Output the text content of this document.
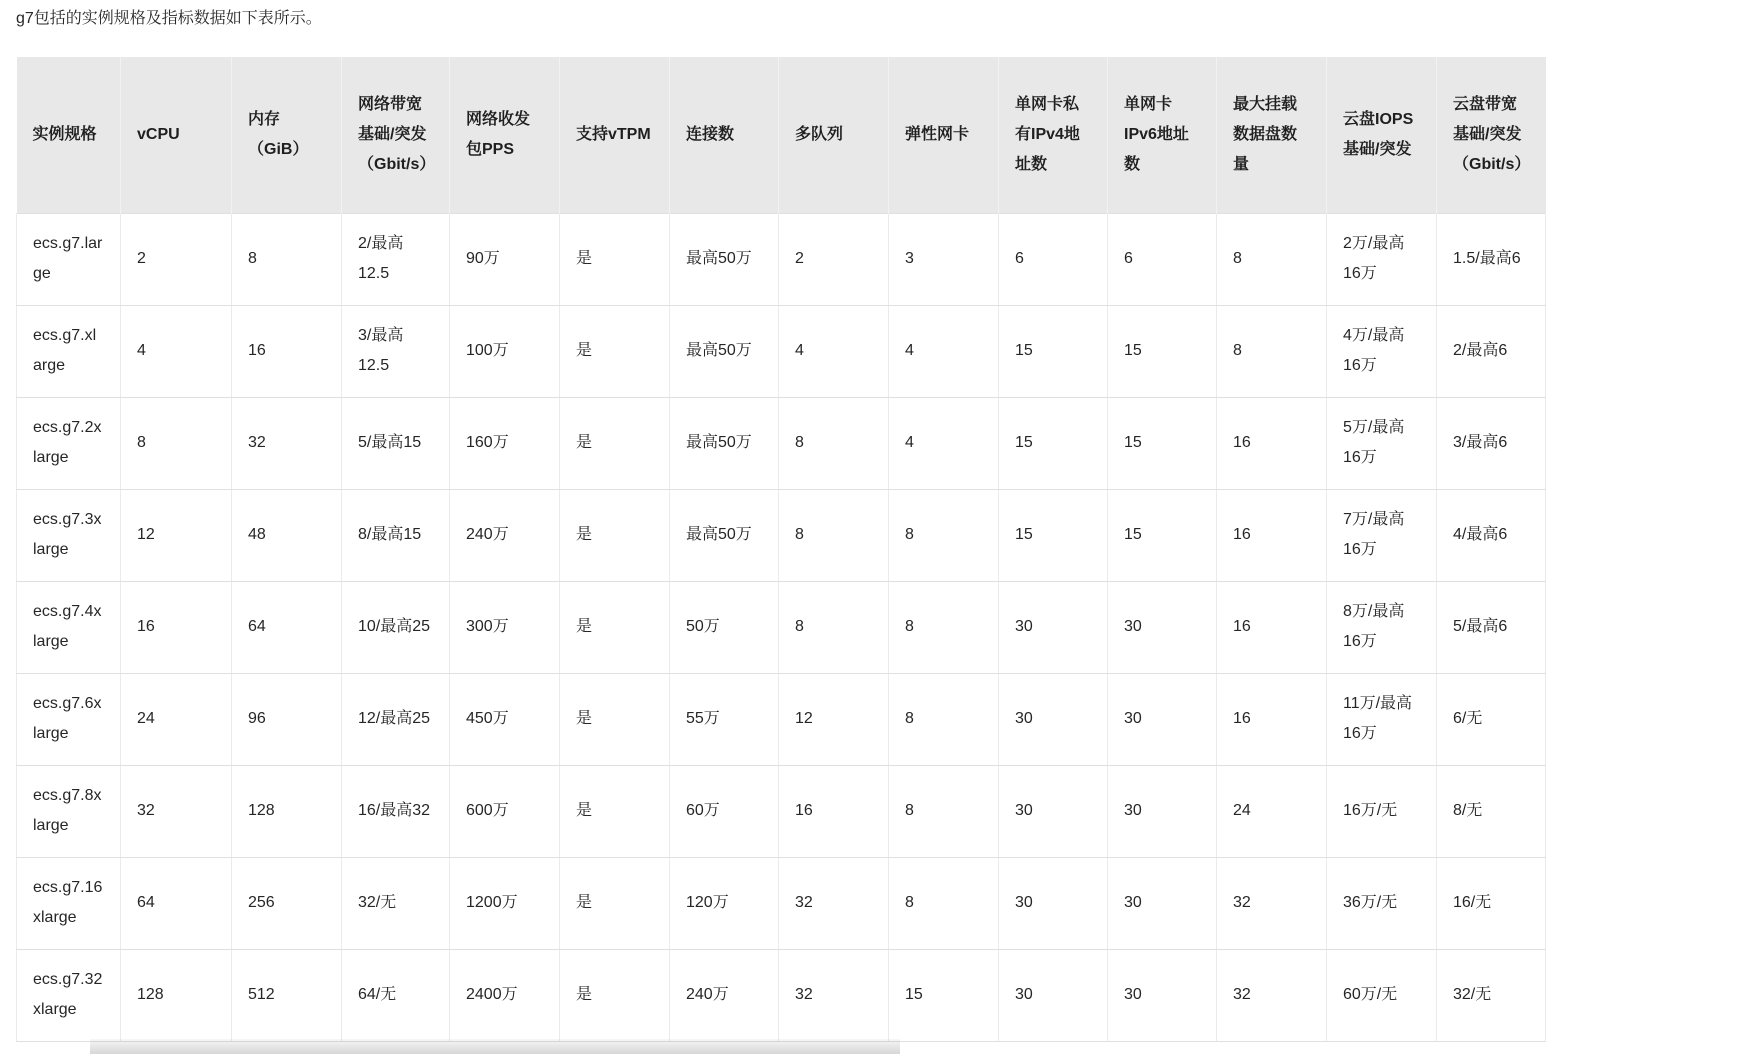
g7包括的实例规格及指标数据如下表所示。

实例规格	vCPU	内存（GiB）	网络带宽基础/突发（Gbit/s）	网络收发包PPS	支持vTPM	连接数	多队列	弹性网卡	单网卡私有IPv4地址数	单网卡IPv6地址数	最大挂载数据盘数量	云盘IOPS基础/突发	云盘带宽基础/突发（Gbit/s）
ecs.g7.large	2	8	2/最高12.5	90万	是	最高50万	2	3	6	6	8	2万/最高16万	1.5/最高6
ecs.g7.xlarge	4	16	3/最高12.5	100万	是	最高50万	4	4	15	15	8	4万/最高16万	2/最高6
ecs.g7.2xlarge	8	32	5/最高15	160万	是	最高50万	8	4	15	15	16	5万/最高16万	3/最高6
ecs.g7.3xlarge	12	48	8/最高15	240万	是	最高50万	8	8	15	15	16	7万/最高16万	4/最高6
ecs.g7.4xlarge	16	64	10/最高25	300万	是	50万	8	8	30	30	16	8万/最高16万	5/最高6
ecs.g7.6xlarge	24	96	12/最高25	450万	是	55万	12	8	30	30	16	11万/最高16万	6/无
ecs.g7.8xlarge	32	128	16/最高32	600万	是	60万	16	8	30	30	24	16万/无	8/无
ecs.g7.16xlarge	64	256	32/无	1200万	是	120万	32	8	30	30	32	36万/无	16/无
ecs.g7.32xlarge	128	512	64/无	2400万	是	240万	32	15	30	30	32	60万/无	32/无
